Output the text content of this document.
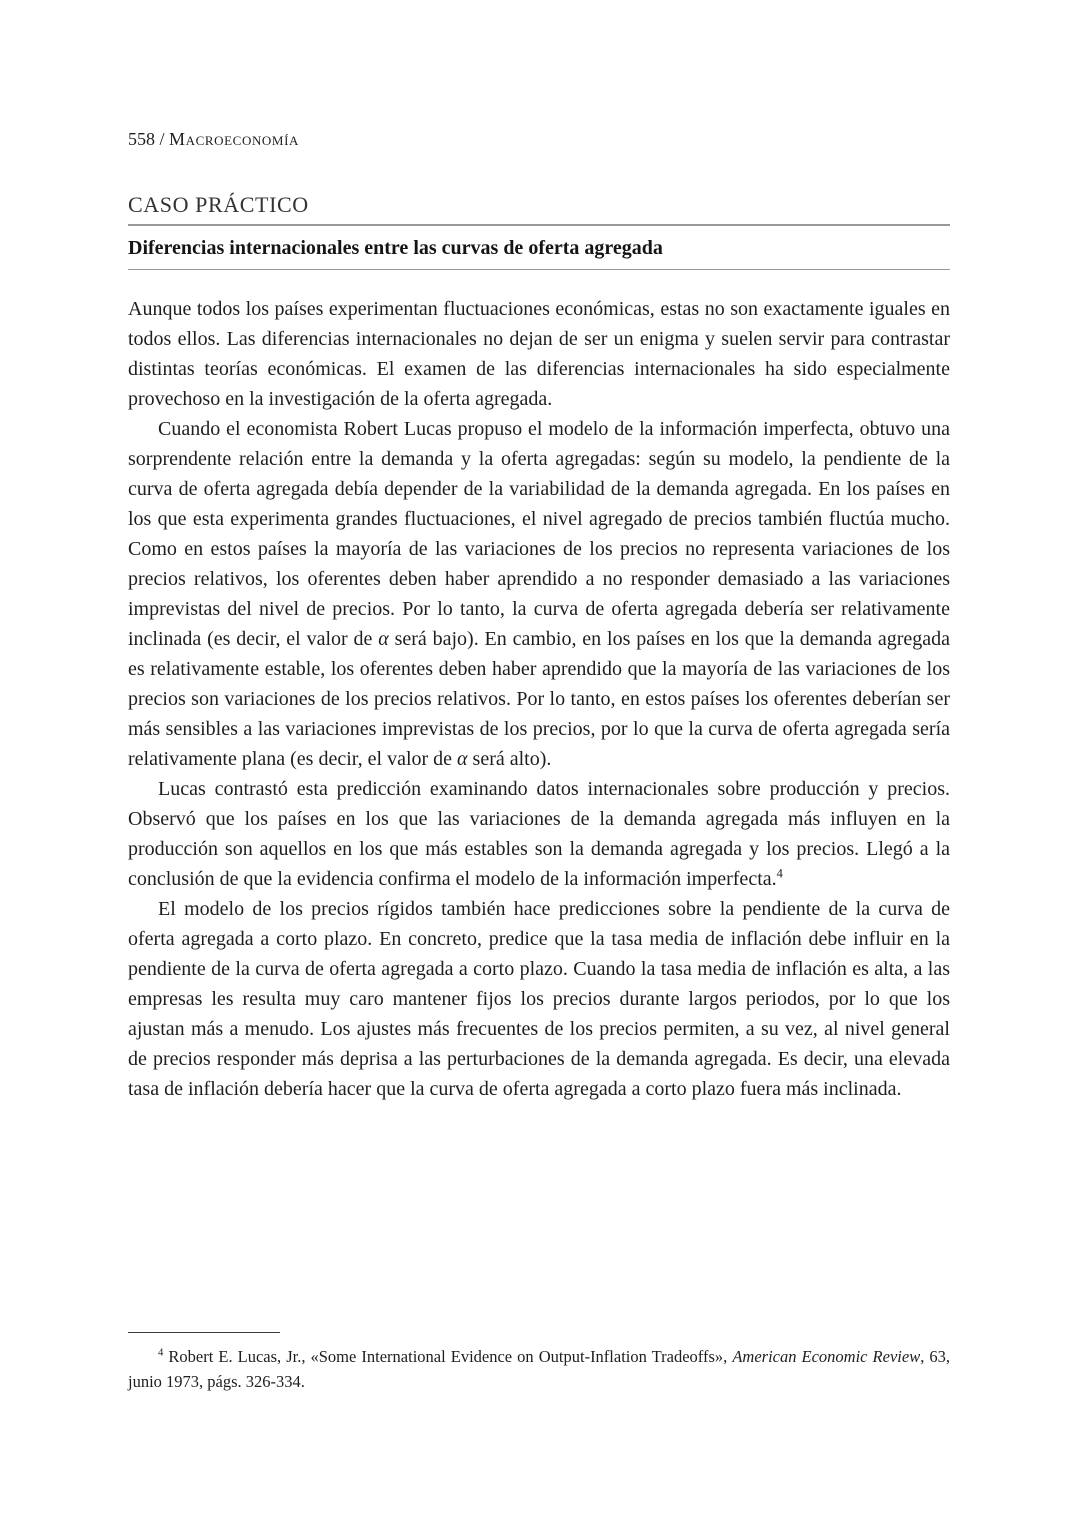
558 / Macroeconomía
CASO PRÁCTICO
Diferencias internacionales entre las curvas de oferta agregada

Aunque todos los países experimentan fluctuaciones económicas, estas no son exactamente iguales en todos ellos. Las diferencias internacionales no dejan de ser un enigma y suelen servir para contrastar distintas teorías económicas. El examen de las diferencias internacionales ha sido especialmente provechoso en la investigación de la oferta agregada.

Cuando el economista Robert Lucas propuso el modelo de la información imperfecta, obtuvo una sorprendente relación entre la demanda y la oferta agregadas: según su modelo, la pendiente de la curva de oferta agregada debía depender de la variabilidad de la demanda agregada. En los países en los que esta experimenta grandes fluctuaciones, el nivel agregado de precios también fluctúa mucho. Como en estos países la mayoría de las variaciones de los precios no representa variaciones de los precios relativos, los oferentes deben haber aprendido a no responder demasiado a las variaciones imprevistas del nivel de precios. Por lo tanto, la curva de oferta agregada debería ser relativamente inclinada (es decir, el valor de α será bajo). En cambio, en los países en los que la demanda agregada es relativamente estable, los oferentes deben haber aprendido que la mayoría de las variaciones de los precios son variaciones de los precios relativos. Por lo tanto, en estos países los oferentes deberían ser más sensibles a las variaciones imprevistas de los precios, por lo que la curva de oferta agregada sería relativamente plana (es decir, el valor de α será alto).

Lucas contrastó esta predicción examinando datos internacionales sobre producción y precios. Observó que los países en los que las variaciones de la demanda agregada más influyen en la producción son aquellos en los que más estables son la demanda agregada y los precios. Llegó a la conclusión de que la evidencia confirma el modelo de la información imperfecta.$^4$

El modelo de los precios rígidos también hace predicciones sobre la pendiente de la curva de oferta agregada a corto plazo. En concreto, predice que la tasa media de inflación debe influir en la pendiente de la curva de oferta agregada a corto plazo. Cuando la tasa media de inflación es alta, a las empresas les resulta muy caro mantener fijos los precios durante largos periodos, por lo que los ajustan más a menudo. Los ajustes más frecuentes de los precios permiten, a su vez, al nivel general de precios responder más deprisa a las perturbaciones de la demanda agregada. Es decir, una elevada tasa de inflación debería hacer que la curva de oferta agregada a corto plazo fuera más inclinada.

$^4$ Robert E. Lucas, Jr., «Some International Evidence on Output-Inflation Tradeoffs», American Economic Review, 63, junio 1973, págs. 326-334.
